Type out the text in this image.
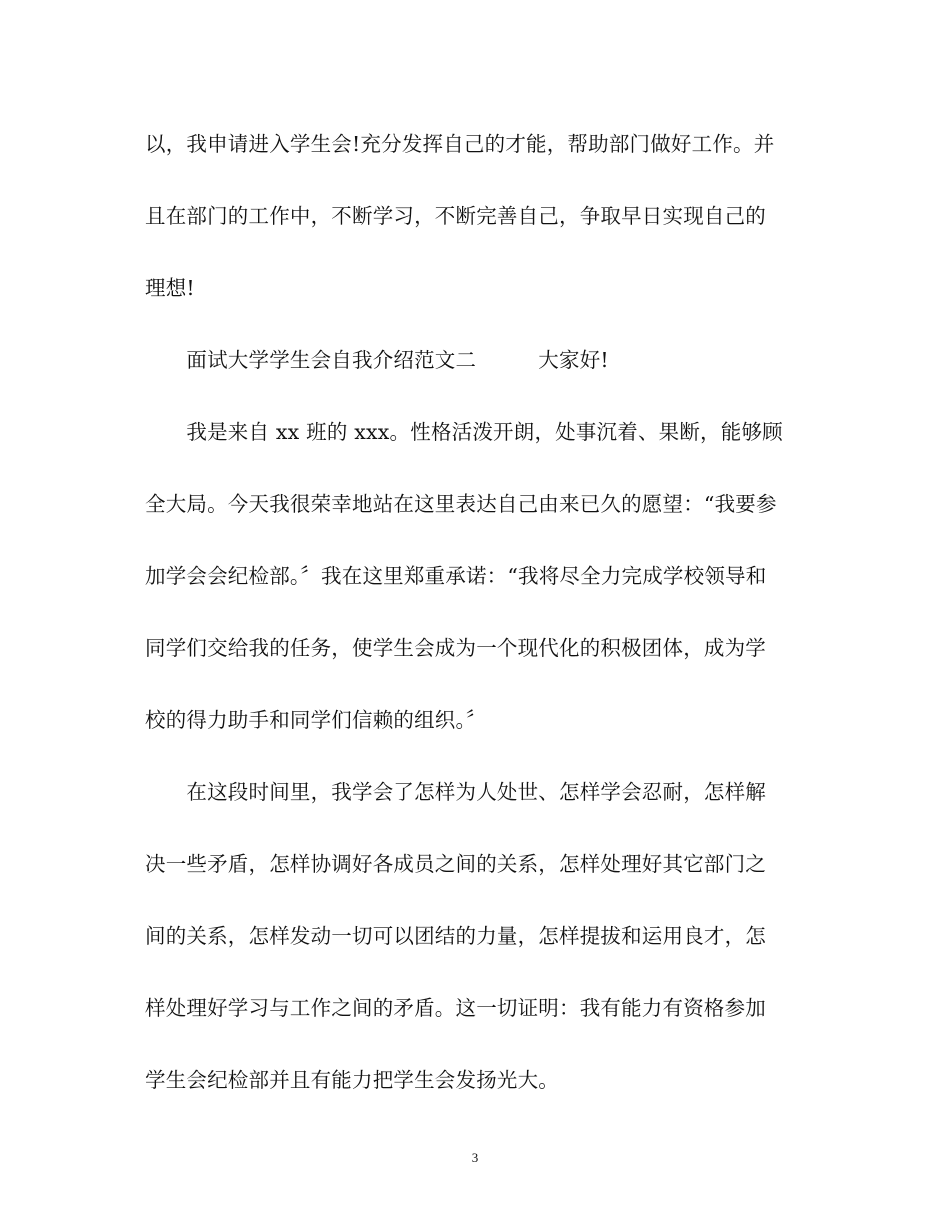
以，我申请进入学生会!充分发挥自己的才能，帮助部门做好工作。并
且在部门的工作中，不断学习，不断完善自己，争取早日实现自己的
理想!
　　面试大学学生会自我介绍范文二　　　大家好!
　　我是来自 xx 班的 xxx。性格活泼开朗，处事沉着、果断，能够顾
全大局。今天我很荣幸地站在这里表达自己由来已久的愿望：“我要参
加学会会纪检部。〞我在这里郑重承诺：“我将尽全力完成学校领导和
同学们交给我的任务，使学生会成为一个现代化的积极团体，成为学
校的得力助手和同学们信赖的组织。〞
　　在这段时间里，我学会了怎样为人处世、怎样学会忍耐，怎样解
决一些矛盾，怎样协调好各成员之间的关系，怎样处理好其它部门之
间的关系，怎样发动一切可以团结的力量，怎样提拔和运用良才，怎
样处理好学习与工作之间的矛盾。这一切证明：我有能力有资格参加
学生会纪检部并且有能力把学生会发扬光大。
3
